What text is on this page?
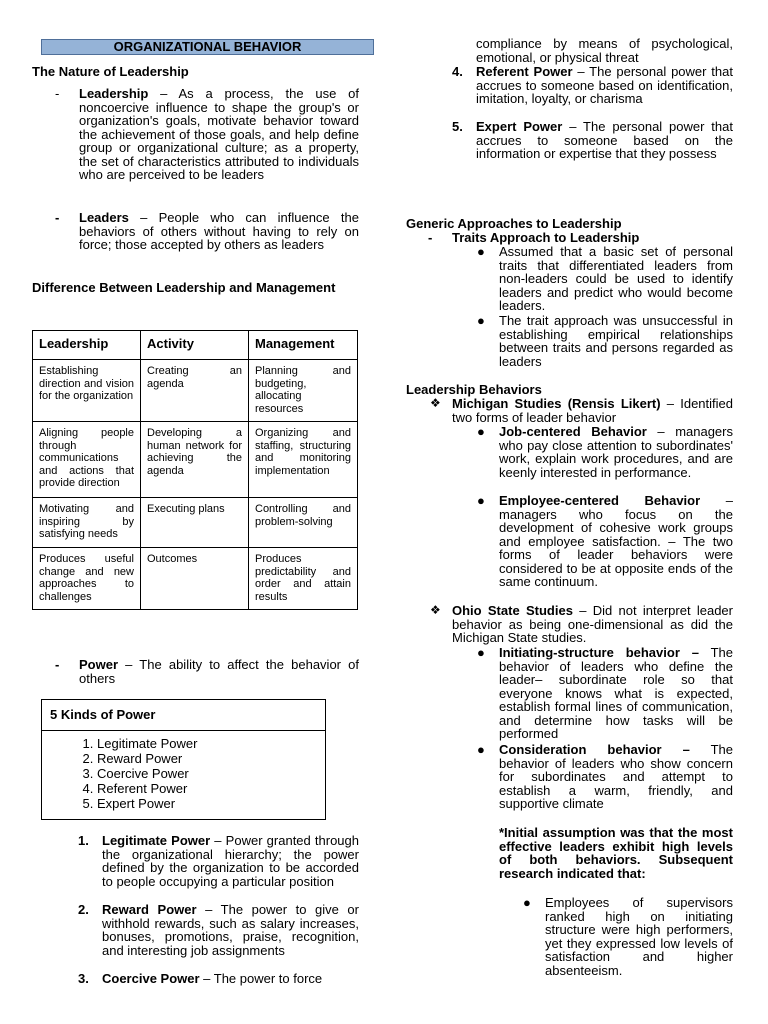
ORGANIZATIONAL BEHAVIOR
The Nature of Leadership
- Leadership – As a process, the use of noncoercive influence to shape the group's or organization's goals, motivate behavior toward the achievement of those goals, and help define group or organizational culture; as a property, the set of characteristics attributed to individuals who are perceived to be leaders
- Leaders – People who can influence the behaviors of others without having to rely on force; those accepted by others as leaders
Difference Between Leadership and Management
Leadership	Activity	Management
Establishing direction and vision for the organization	Creating an agenda	Planning and budgeting, allocating resources
Aligning people through communications and actions that provide direction	Developing a human network for achieving the agenda	Organizing and staffing, structuring and monitoring implementation
Motivating and inspiring by satisfying needs	Executing plans	Controlling and problem-solving
Produces useful change and new approaches to challenges	Outcomes	Produces predictability and order and attain results
- Power – The ability to affect the behavior of others
5 Kinds of Power
1. Legitimate Power
2. Reward Power
3. Coercive Power
4. Referent Power
5. Expert Power
1. Legitimate Power – Power granted through the organizational hierarchy; the power defined by the organization to be accorded to people occupying a particular position
2. Reward Power – The power to give or withhold rewards, such as salary increases, bonuses, promotions, praise, recognition, and interesting job assignments
3. Coercive Power – The power to force
compliance by means of psychological, emotional, or physical threat
4. Referent Power – The personal power that accrues to someone based on identification, imitation, loyalty, or charisma
5. Expert Power – The personal power that accrues to someone based on the information or expertise that they possess
Generic Approaches to Leadership
- Traits Approach to Leadership
● Assumed that a basic set of personal traits that differentiated leaders from non-leaders could be used to identify leaders and predict who would become leaders.
● The trait approach was unsuccessful in establishing empirical relationships between traits and persons regarded as leaders
Leadership Behaviors
❖ Michigan Studies (Rensis Likert) – Identified two forms of leader behavior
● Job-centered Behavior – managers who pay close attention to subordinates' work, explain work procedures, and are keenly interested in performance.
● Employee-centered Behavior – managers who focus on the development of cohesive work groups and employee satisfaction. – The two forms of leader behaviors were considered to be at opposite ends of the same continuum.
❖ Ohio State Studies – Did not interpret leader behavior as being one-dimensional as did the Michigan State studies.
● Initiating-structure behavior – The behavior of leaders who define the leader– subordinate role so that everyone knows what is expected, establish formal lines of communication, and determine how tasks will be performed
● Consideration behavior – The behavior of leaders who show concern for subordinates and attempt to establish a warm, friendly, and supportive climate
*Initial assumption was that the most effective leaders exhibit high levels of both behaviors. Subsequent research indicated that:
● Employees of supervisors ranked high on initiating structure were high performers, yet they expressed low levels of satisfaction and higher absenteeism.
